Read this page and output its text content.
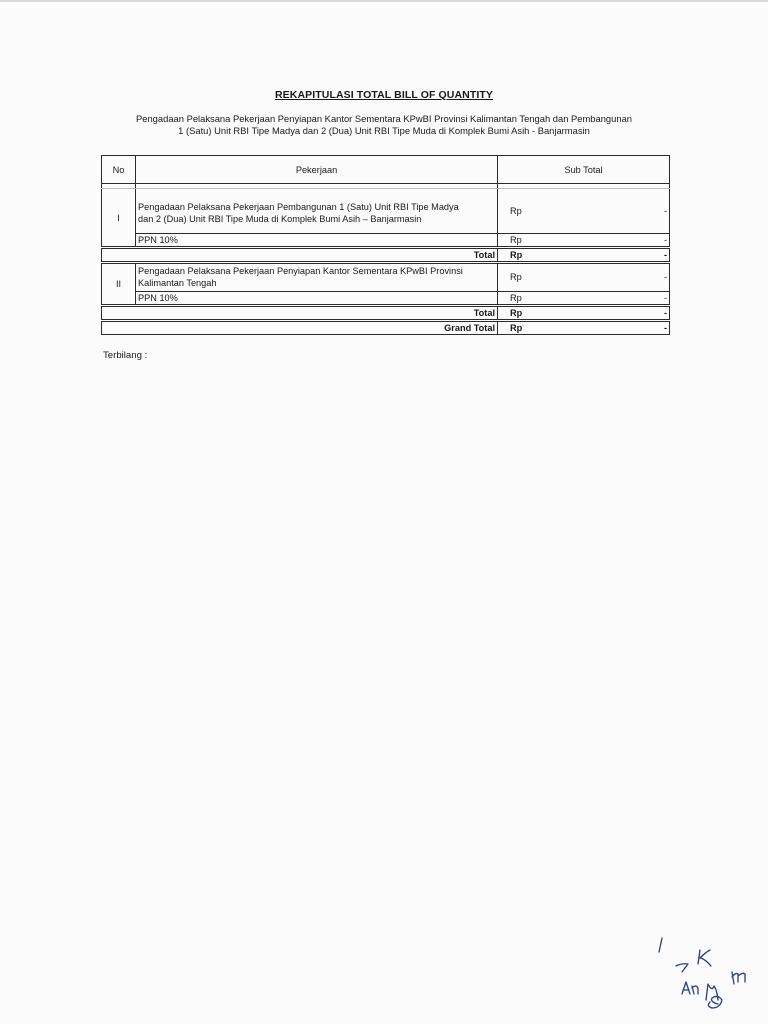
REKAPITULASI TOTAL BILL OF QUANTITY
Pengadaan Pelaksana Pekerjaan Penyiapan Kantor Sementara KPwBI Provinsi Kalimantan Tengah dan Pembangunan
1 (Satu) Unit RBI Tipe Madya dan 2 (Dua) Unit RBI Tipe Muda di Komplek Bumi Asih - Banjarmasin
No	Pekerjaan	Sub Total	

I	Pengadaan Pelaksana Pekerjaan Pembangunan 1 (Satu) Unit RBI Tipe Madya
dan 2 (Dua) Unit RBI Tipe Muda di Komplek Bumi Asih – Banjarmasin	Rp	-
	PPN 10%	Rp	-
Total		Rp	-
II	Pengadaan Pelaksana Pekerjaan Penyiapan Kantor Sementara KPwBI Provinsi
Kalimantan Tengah	Rp	-
	PPN 10%	Rp	-
Total		Rp	-
Grand Total		Rp	-
Terbilang :
